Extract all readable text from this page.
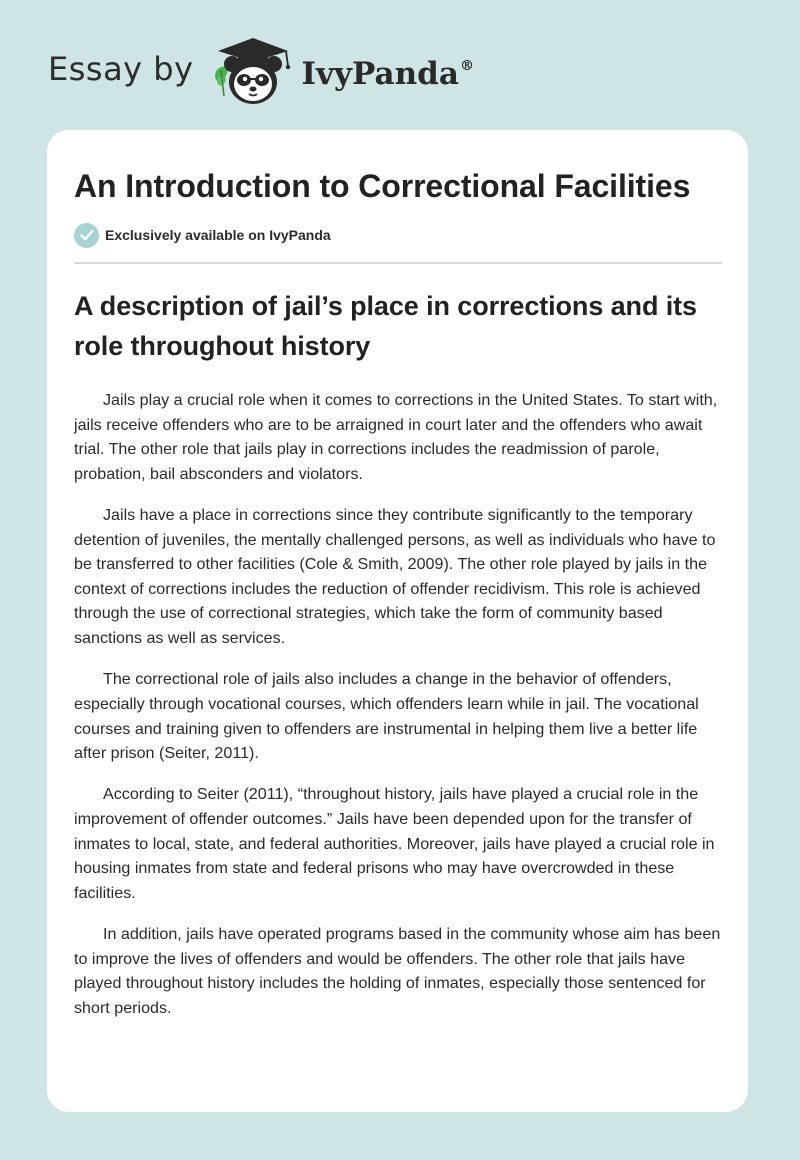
Essay by	IvyPanda®
An Introduction to Correctional Facilities
Exclusively available on IvyPanda
A description of jail’s place in corrections and its role throughout history

Jails play a crucial role when it comes to corrections in the United States. To start with, jails receive offenders who are to be arraigned in court later and the offenders who await trial. The other role that jails play in corrections includes the readmission of parole, probation, bail absconders and violators.

Jails have a place in corrections since they contribute significantly to the temporary detention of juveniles, the mentally challenged persons, as well as individuals who have to be transferred to other facilities (Cole & Smith, 2009). The other role played by jails in the context of corrections includes the reduction of offender recidivism. This role is achieved through the use of correctional strategies, which take the form of community based sanctions as well as services.

The correctional role of jails also includes a change in the behavior of offenders, especially through vocational courses, which offenders learn while in jail. The vocational courses and training given to offenders are instrumental in helping them live a better life after prison (Seiter, 2011).

According to Seiter (2011), “throughout history, jails have played a crucial role in the improvement of offender outcomes.” Jails have been depended upon for the transfer of inmates to local, state, and federal authorities. Moreover, jails have played a crucial role in housing inmates from state and federal prisons who may have overcrowded in these facilities.

In addition, jails have operated programs based in the community whose aim has been to improve the lives of offenders and would be offenders. The other role that jails have played throughout history includes the holding of inmates, especially those sentenced for short periods.
